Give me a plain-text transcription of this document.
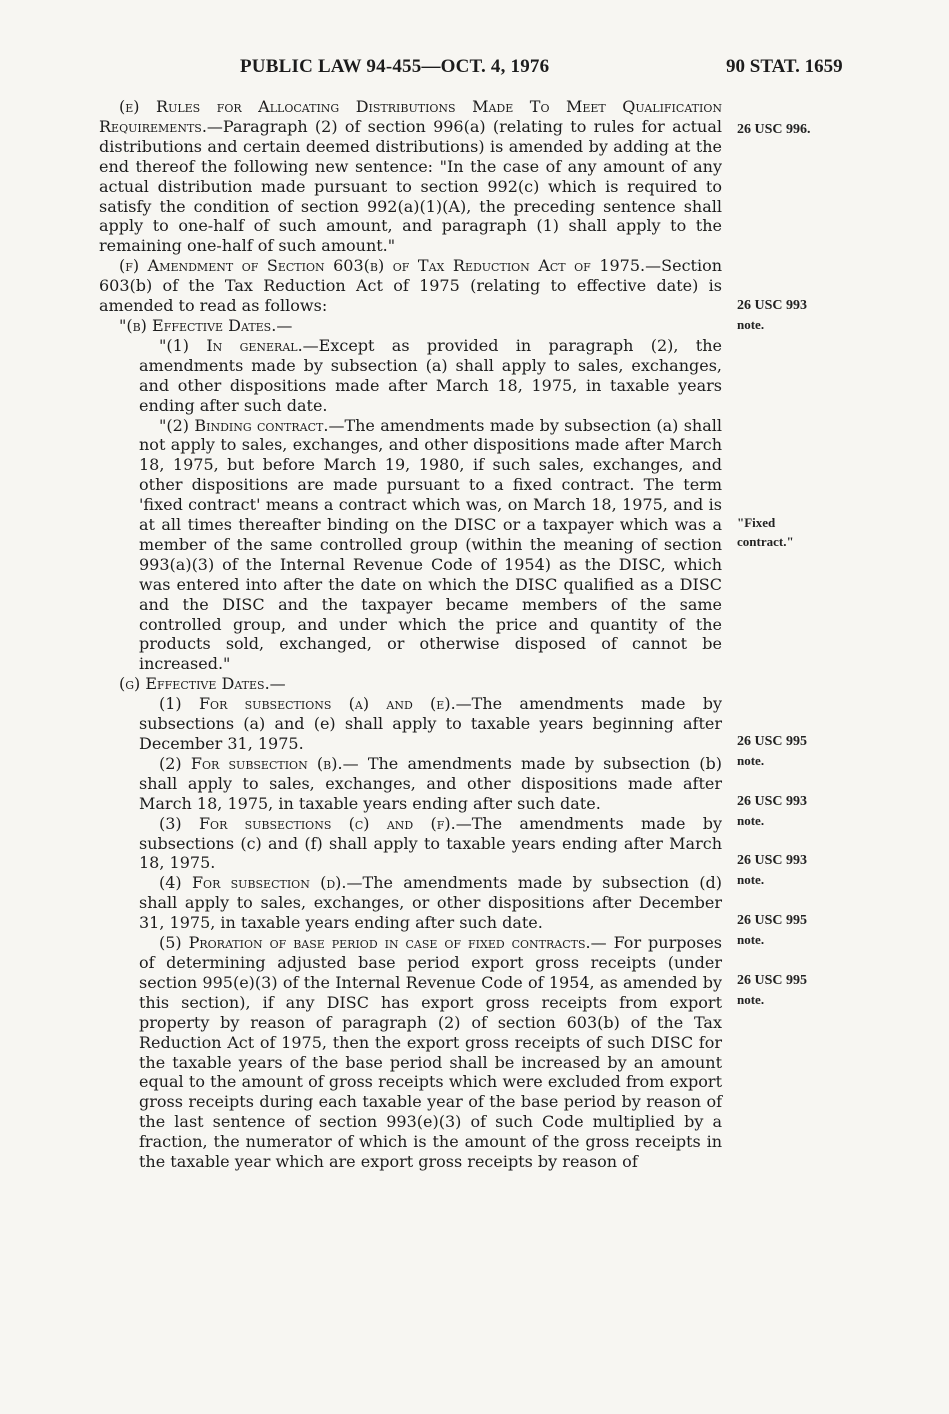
PUBLIC LAW 94-455—OCT. 4, 1976	90 STAT. 1659

(e) Rules for Allocating Distributions Made To Meet Qualification Requirements.—Paragraph (2) of section 996(a) (relating to rules for actual distributions and certain deemed distributions) is amended by adding at the end thereof the following new sentence: "In the case of any amount of any actual distribution made pursuant to section 992(c) which is required to satisfy the condition of section 992(a)(1)(A), the preceding sentence shall apply to one-half of such amount, and paragraph (1) shall apply to the remaining one-half of such amount."

(f) Amendment of Section 603(b) of Tax Reduction Act of 1975.—Section 603(b) of the Tax Reduction Act of 1975 (relating to effective date) is amended to read as follows:

"(b) Effective Dates.—

"(1) In general.—Except as provided in paragraph (2), the amendments made by subsection (a) shall apply to sales, exchanges, and other dispositions made after March 18, 1975, in taxable years ending after such date.

"(2) Binding contract.—The amendments made by subsection (a) shall not apply to sales, exchanges, and other dispositions made after March 18, 1975, but before March 19, 1980, if such sales, exchanges, and other dispositions are made pursuant to a fixed contract. The term 'fixed contract' means a contract which was, on March 18, 1975, and is at all times thereafter binding on the DISC or a taxpayer which was a member of the same controlled group (within the meaning of section 993(a)(3) of the Internal Revenue Code of 1954) as the DISC, which was entered into after the date on which the DISC qualified as a DISC and the DISC and the taxpayer became members of the same controlled group, and under which the price and quantity of the products sold, exchanged, or otherwise disposed of cannot be increased."

(g) Effective Dates.—

(1) For subsections (a) and (e).—The amendments made by subsections (a) and (e) shall apply to taxable years beginning after December 31, 1975.

(2) For subsection (b).— The amendments made by subsection (b) shall apply to sales, exchanges, and other dispositions made after March 18, 1975, in taxable years ending after such date.

(3) For subsections (c) and (f).—The amendments made by subsections (c) and (f) shall apply to taxable years ending after March 18, 1975.

(4) For subsection (d).—The amendments made by subsection (d) shall apply to sales, exchanges, or other dispositions after December 31, 1975, in taxable years ending after such date.

(5) Proration of base period in case of fixed contracts.— For purposes of determining adjusted base period export gross receipts (under section 995(e)(3) of the Internal Revenue Code of 1954, as amended by this section), if any DISC has export gross receipts from export property by reason of paragraph (2) of section 603(b) of the Tax Reduction Act of 1975, then the export gross receipts of such DISC for the taxable years of the base period shall be increased by an amount equal to the amount of gross receipts which were excluded from export gross receipts during each taxable year of the base period by reason of the last sentence of section 993(e)(3) of such Code multiplied by a fraction, the numerator of which is the amount of the gross receipts in the taxable year which are export gross receipts by reason of

26 USC 996.
26 USC 993
note.
"Fixed
contract."
26 USC 995
note.
26 USC 993
note.
26 USC 993
note.
26 USC 995
note.
26 USC 995
note.
